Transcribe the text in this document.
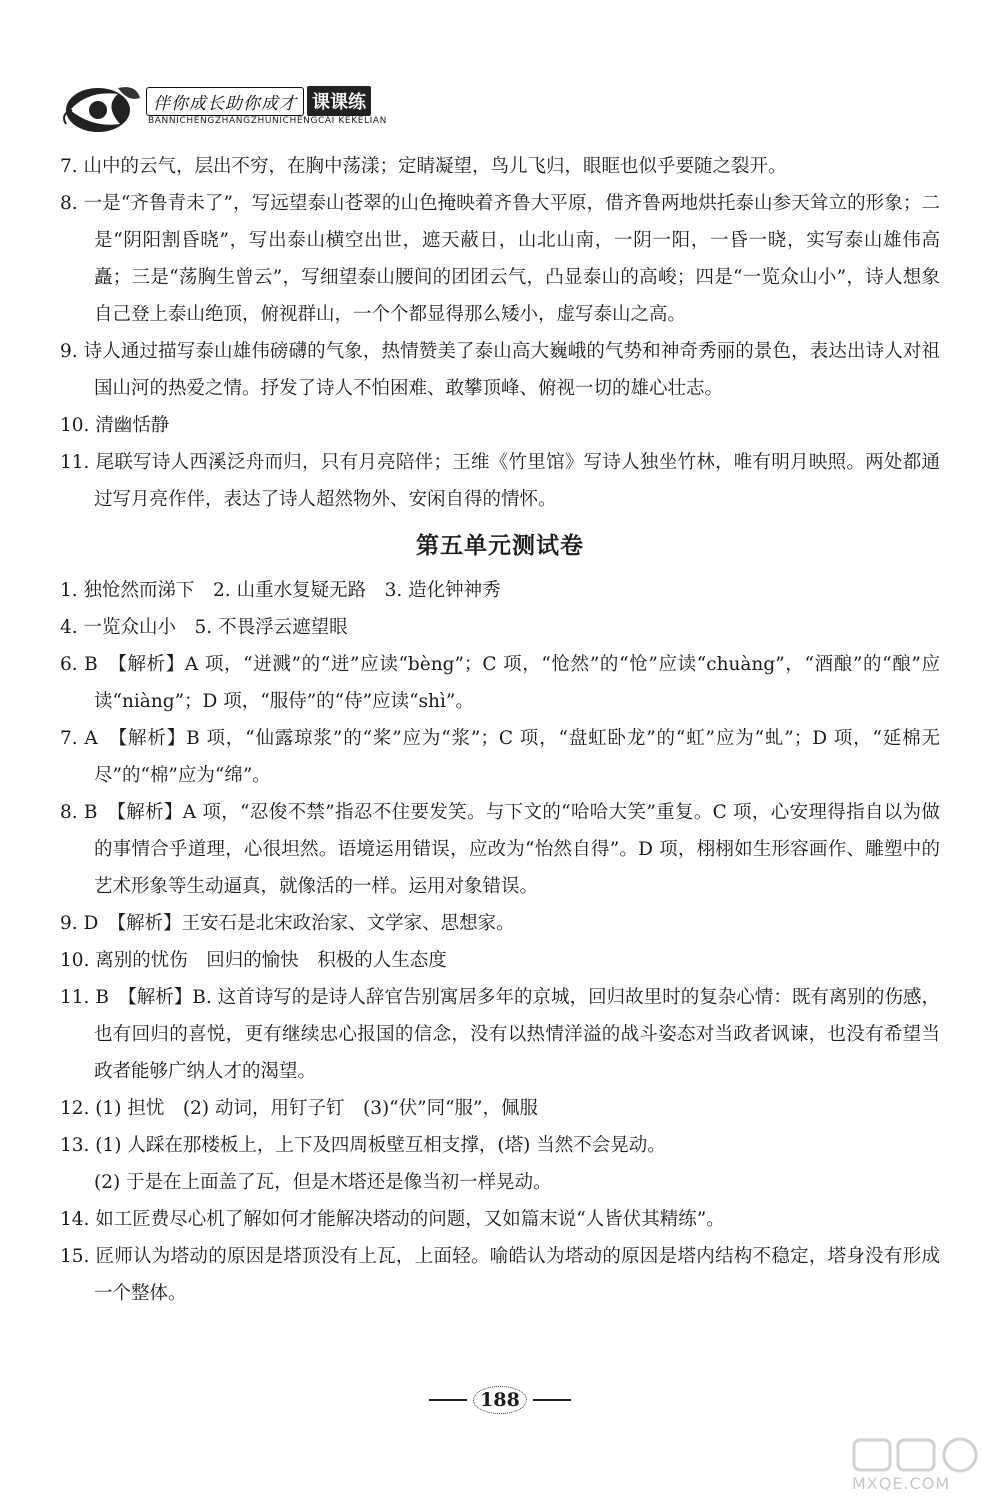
伴你成长助你成才 课课练
BANNICHENGZHANGZHUNICHENGCAI KEKELIAN

7. 山中的云气，层出不穷，在胸中荡漾；定睛凝望，鸟儿飞归，眼眶也似乎要随之裂开。

8. 一是“齐鲁青未了”，写远望泰山苍翠的山色掩映着齐鲁大平原，借齐鲁两地烘托泰山参天耸立的形象；二是“阴阳割昏晓”，写出泰山横空出世，遮天蔽日，山北山南，一阴一阳，一昏一晓，实写泰山雄伟高矗；三是“荡胸生曾云”，写细望泰山腰间的团团云气，凸显泰山的高峻；四是“一览众山小”，诗人想象自己登上泰山绝顶，俯视群山，一个个都显得那么矮小，虚写泰山之高。

9. 诗人通过描写泰山雄伟磅礴的气象，热情赞美了泰山高大巍峨的气势和神奇秀丽的景色，表达出诗人对祖国山河的热爱之情。抒发了诗人不怕困难、敢攀顶峰、俯视一切的雄心壮志。

10. 清幽恬静

11. 尾联写诗人西溪泛舟而归，只有月亮陪伴；王维《竹里馆》写诗人独坐竹林，唯有明月映照。两处都通过写月亮作伴，表达了诗人超然物外、安闲自得的情怀。

第五单元测试卷

1. 独怆然而涕下　2. 山重水复疑无路　3. 造化钟神秀

4. 一览众山小　5. 不畏浮云遮望眼

6. B　【解析】A 项，“迸溅”的“迸”应读“bèng”；C 项，“怆然”的“怆”应读“chuàng”，“酒酿”的“酿”应读“niàng”；D 项，“服侍”的“侍”应读“shì”。

7. A　【解析】B 项，“仙露琼浆”的“桨”应为“浆”；C 项，“盘虹卧龙”的“虹”应为“虬”；D 项，“延棉无尽”的“棉”应为“绵”。

8. B　【解析】A 项，“忍俊不禁”指忍不住要发笑。与下文的“哈哈大笑”重复。C 项，心安理得指自以为做的事情合乎道理，心很坦然。语境运用错误，应改为“怡然自得”。D 项，栩栩如生形容画作、雕塑中的艺术形象等生动逼真，就像活的一样。运用对象错误。

9. D　【解析】王安石是北宋政治家、文学家、思想家。

10. 离别的忧伤　回归的愉快　积极的人生态度

11. B　【解析】B. 这首诗写的是诗人辞官告别寓居多年的京城，回归故里时的复杂心情：既有离别的伤感，也有回归的喜悦，更有继续忠心报国的信念，没有以热情洋溢的战斗姿态对当政者讽谏，也没有希望当政者能够广纳人才的渴望。

12. (1) 担忧　(2) 动词，用钉子钉　(3)“伏”同“服”，佩服

13. (1) 人踩在那楼板上，上下及四周板壁互相支撑，(塔) 当然不会晃动。

(2) 于是在上面盖了瓦，但是木塔还是像当初一样晃动。

14. 如工匠费尽心机了解如何才能解决塔动的问题，又如篇末说“人皆伏其精练”。

15. 匠师认为塔动的原因是塔顶没有上瓦，上面轻。喻皓认为塔动的原因是塔内结构不稳定，塔身没有形成一个整体。

188
MXQE.COM
